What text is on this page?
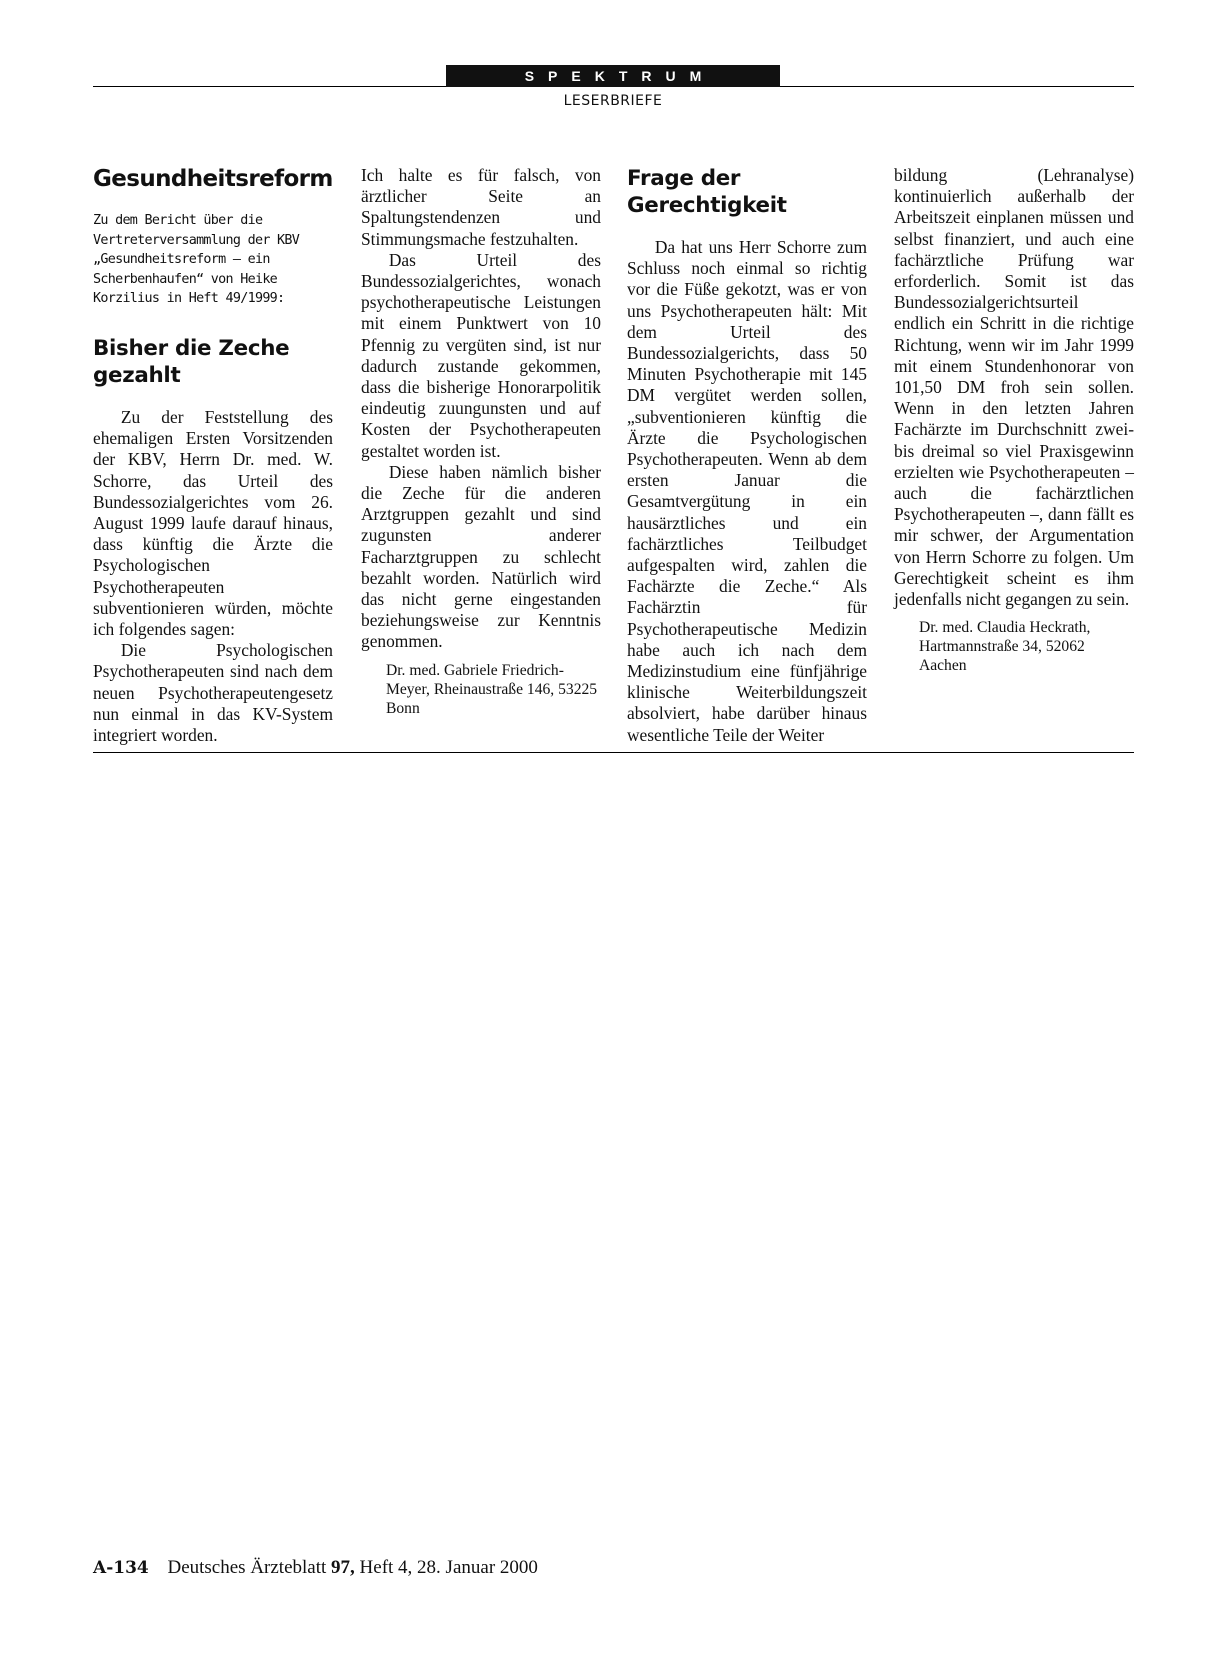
SPEKTRUM
LESERBRIEFE
Gesundheitsreform

Zu dem Bericht über die Vertreterversammlung der KBV „Gesundheitsreform – ein Scherbenhaufen“ von Heike Korzilius in Heft 49/1999:

Bisher die Zeche gezahlt

Zu der Feststellung des ehemaligen Ersten Vorsitzenden der KBV, Herrn Dr. med. W. Schorre, das Urteil des Bundessozialgerichtes vom 26. August 1999 laufe darauf hinaus, dass künftig die Ärzte die Psychologischen Psychotherapeuten subventionieren würden, möchte ich folgendes sagen:

Die Psychologischen Psychotherapeuten sind nach dem neuen Psychotherapeutengesetz nun einmal in das KV-System integriert worden.

Ich halte es für falsch, von ärztlicher Seite an Spaltungstendenzen und Stimmungsmache festzuhalten.

Das Urteil des Bundessozialgerichtes, wonach psychotherapeutische Leistungen mit einem Punktwert von 10 Pfennig zu vergüten sind, ist nur dadurch zustande gekommen, dass die bisherige Honorarpolitik eindeutig zuungunsten und auf Kosten der Psychotherapeuten gestaltet worden ist.

Diese haben nämlich bisher die Zeche für die anderen Arztgruppen gezahlt und sind zugunsten anderer Facharztgruppen zu schlecht bezahlt worden. Natürlich wird das nicht gerne eingestanden beziehungsweise zur Kenntnis genommen.

Dr. med. Gabriele Friedrich-Meyer, Rheinaustraße 146, 53225 Bonn

Frage der Gerechtigkeit

Da hat uns Herr Schorre zum Schluss noch einmal so richtig vor die Füße gekotzt, was er von uns Psychotherapeuten hält: Mit dem Urteil des Bundessozialgerichts, dass 50 Minuten Psychotherapie mit 145 DM vergütet werden sollen, „subventionieren künftig die Ärzte die Psychologischen Psychotherapeuten. Wenn ab dem ersten Januar die Gesamtvergütung in ein hausärztliches und ein fachärztliches Teilbudget aufgespalten wird, zahlen die Fachärzte die Zeche.“ Als Fachärztin für Psychotherapeutische Medizin habe auch ich nach dem Medizinstudium eine fünfjährige klinische Weiterbildungszeit absolviert, habe darüber hinaus wesentliche Teile der Weiter

bildung (Lehranalyse) kontinuierlich außerhalb der Arbeitszeit einplanen müssen und selbst finanziert, und auch eine fachärztliche Prüfung war erforderlich. Somit ist das Bundessozialgerichtsurteil endlich ein Schritt in die richtige Richtung, wenn wir im Jahr 1999 mit einem Stundenhonorar von 101,50 DM froh sein sollen. Wenn in den letzten Jahren Fachärzte im Durchschnitt zwei- bis dreimal so viel Praxisgewinn erzielten wie Psychotherapeuten – auch die fachärztlichen Psychotherapeuten –, dann fällt es mir schwer, der Argumentation von Herrn Schorre zu folgen. Um Gerechtigkeit scheint es ihm jedenfalls nicht gegangen zu sein.

Dr. med. Claudia Heckrath, Hartmannstraße 34, 52062 Aachen

A-134 Deutsches Ärzteblatt 97, Heft 4, 28. Januar 2000
